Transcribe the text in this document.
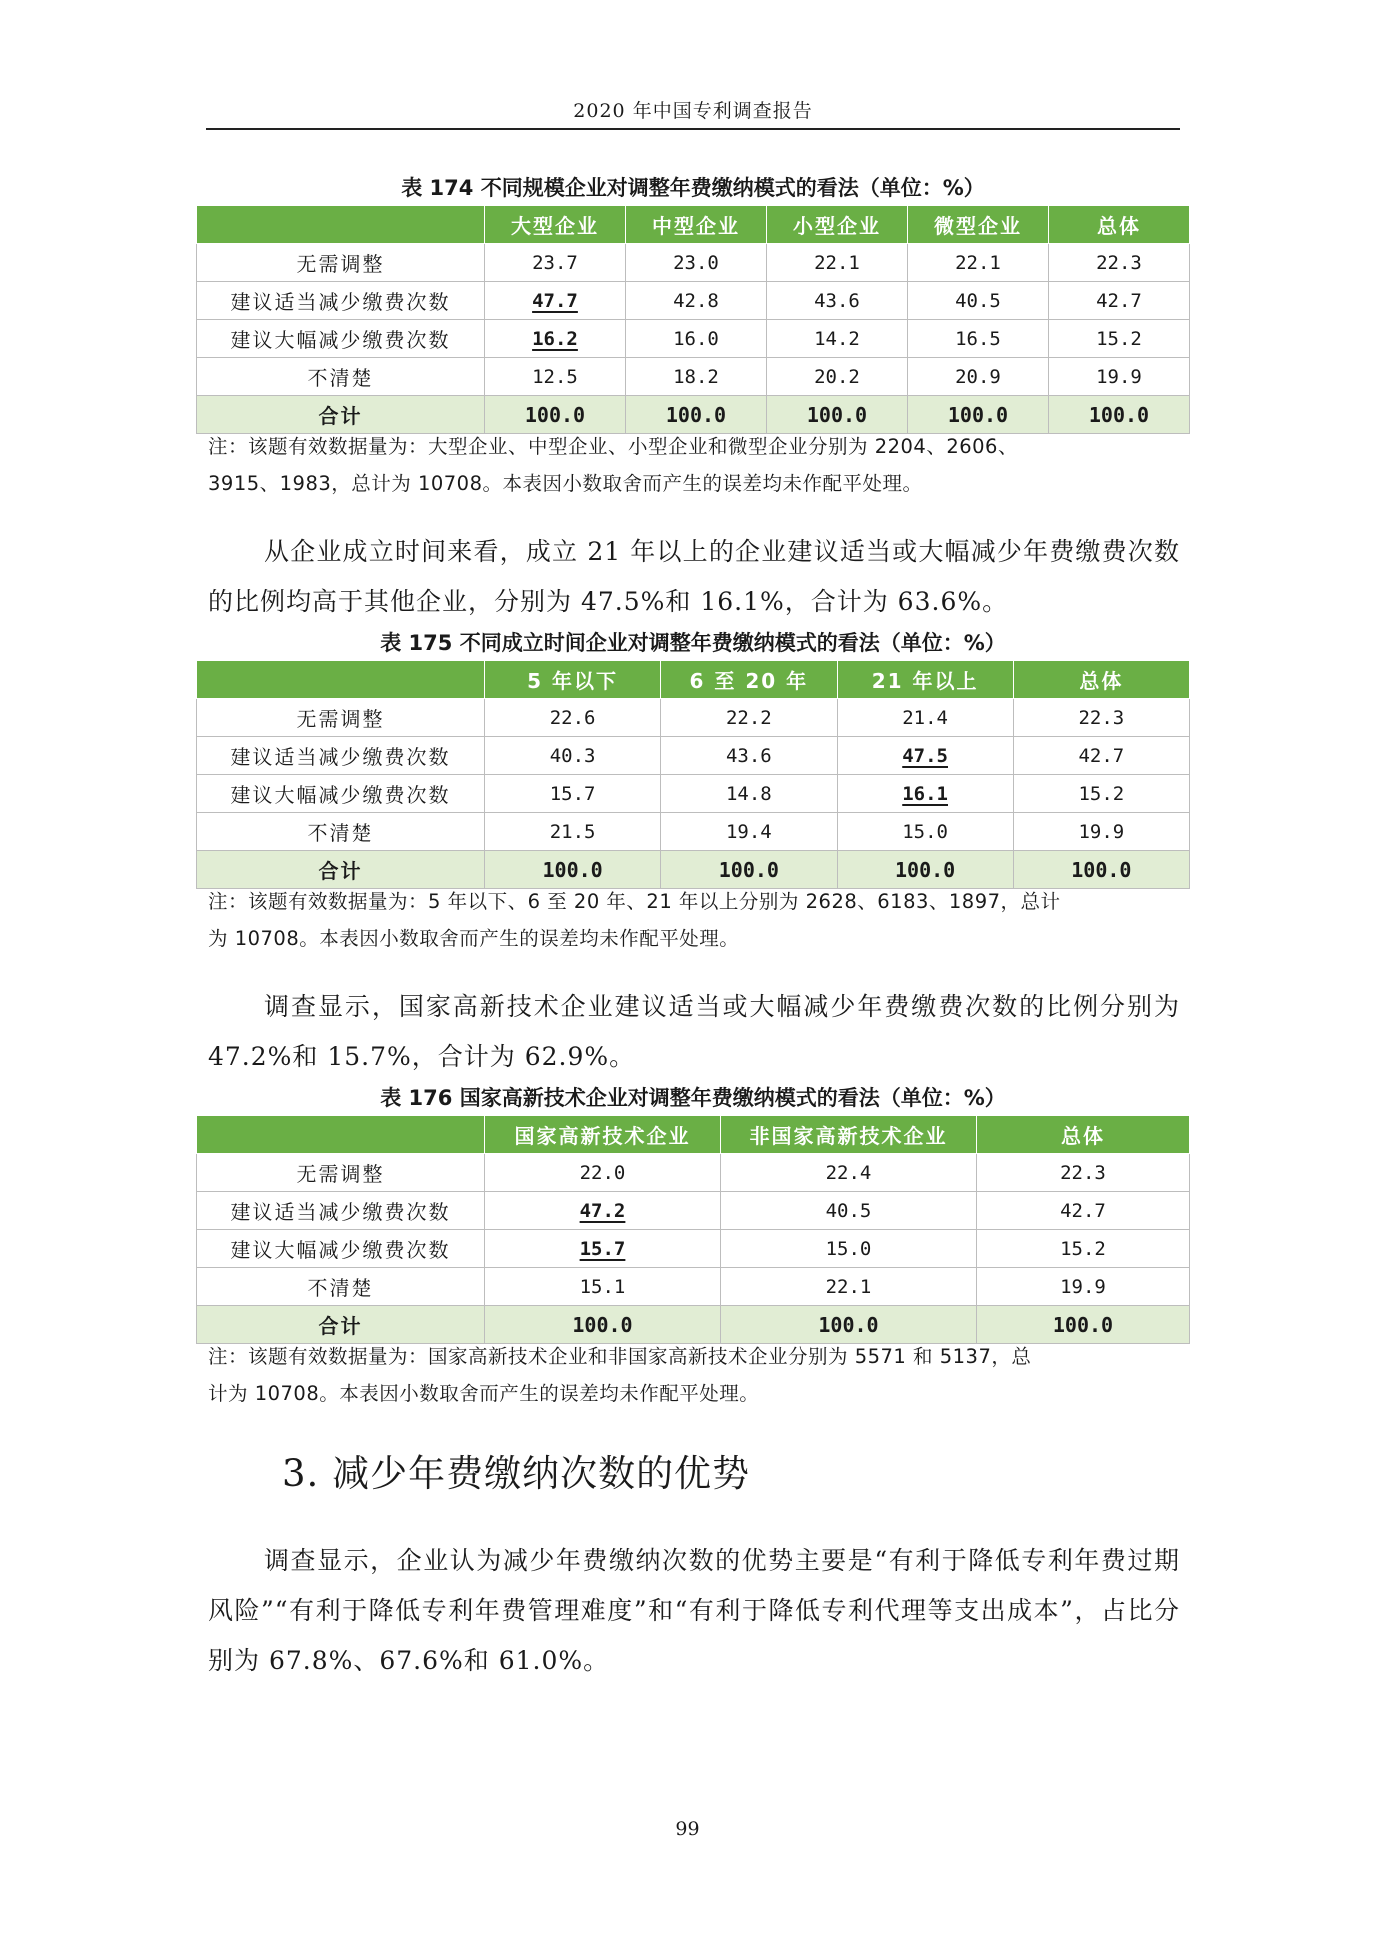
2020 年中国专利调查报告
表 174 不同规模企业对调整年费缴纳模式的看法（单位：%）
	大型企业	中型企业	小型企业	微型企业	总体
无需调整	23.7	23.0	22.1	22.1	22.3
建议适当减少缴费次数	47.7	42.8	43.6	40.5	42.7
建议大幅减少缴费次数	16.2	16.0	14.2	16.5	15.2
不清楚	12.5	18.2	20.2	20.9	19.9
合计	100.0	100.0	100.0	100.0	100.0
注：该题有效数据量为：大型企业、中型企业、小型企业和微型企业分别为 2204、2606、
3915、1983，总计为 10708。本表因小数取舍而产生的误差均未作配平处理。
从企业成立时间来看，成立 21 年以上的企业建议适当或大幅减少年费缴费次数的比例均高于其他企业，分别为 47.5%和 16.1%，合计为 63.6%。
表 175 不同成立时间企业对调整年费缴纳模式的看法（单位：%）
	5 年以下	6 至 20 年	21 年以上	总体
无需调整	22.6	22.2	21.4	22.3
建议适当减少缴费次数	40.3	43.6	47.5	42.7
建议大幅减少缴费次数	15.7	14.8	16.1	15.2
不清楚	21.5	19.4	15.0	19.9
合计	100.0	100.0	100.0	100.0
注：该题有效数据量为：5 年以下、6 至 20 年、21 年以上分别为 2628、6183、1897，总计
为 10708。本表因小数取舍而产生的误差均未作配平处理。
调查显示，国家高新技术企业建议适当或大幅减少年费缴费次数的比例分别为 47.2%和 15.7%，合计为 62.9%。
表 176 国家高新技术企业对调整年费缴纳模式的看法（单位：%）
	国家高新技术企业	非国家高新技术企业	总体
无需调整	22.0	22.4	22.3
建议适当减少缴费次数	47.2	40.5	42.7
建议大幅减少缴费次数	15.7	15.0	15.2
不清楚	15.1	22.1	19.9
合计	100.0	100.0	100.0
注：该题有效数据量为：国家高新技术企业和非国家高新技术企业分别为 5571 和 5137，总
计为 10708。本表因小数取舍而产生的误差均未作配平处理。
3. 减少年费缴纳次数的优势
调查显示，企业认为减少年费缴纳次数的优势主要是“有利于降低专利年费过期风险”“有利于降低专利年费管理难度”和“有利于降低专利代理等支出成本”，占比分别为 67.8%、67.6%和 61.0%。
99
